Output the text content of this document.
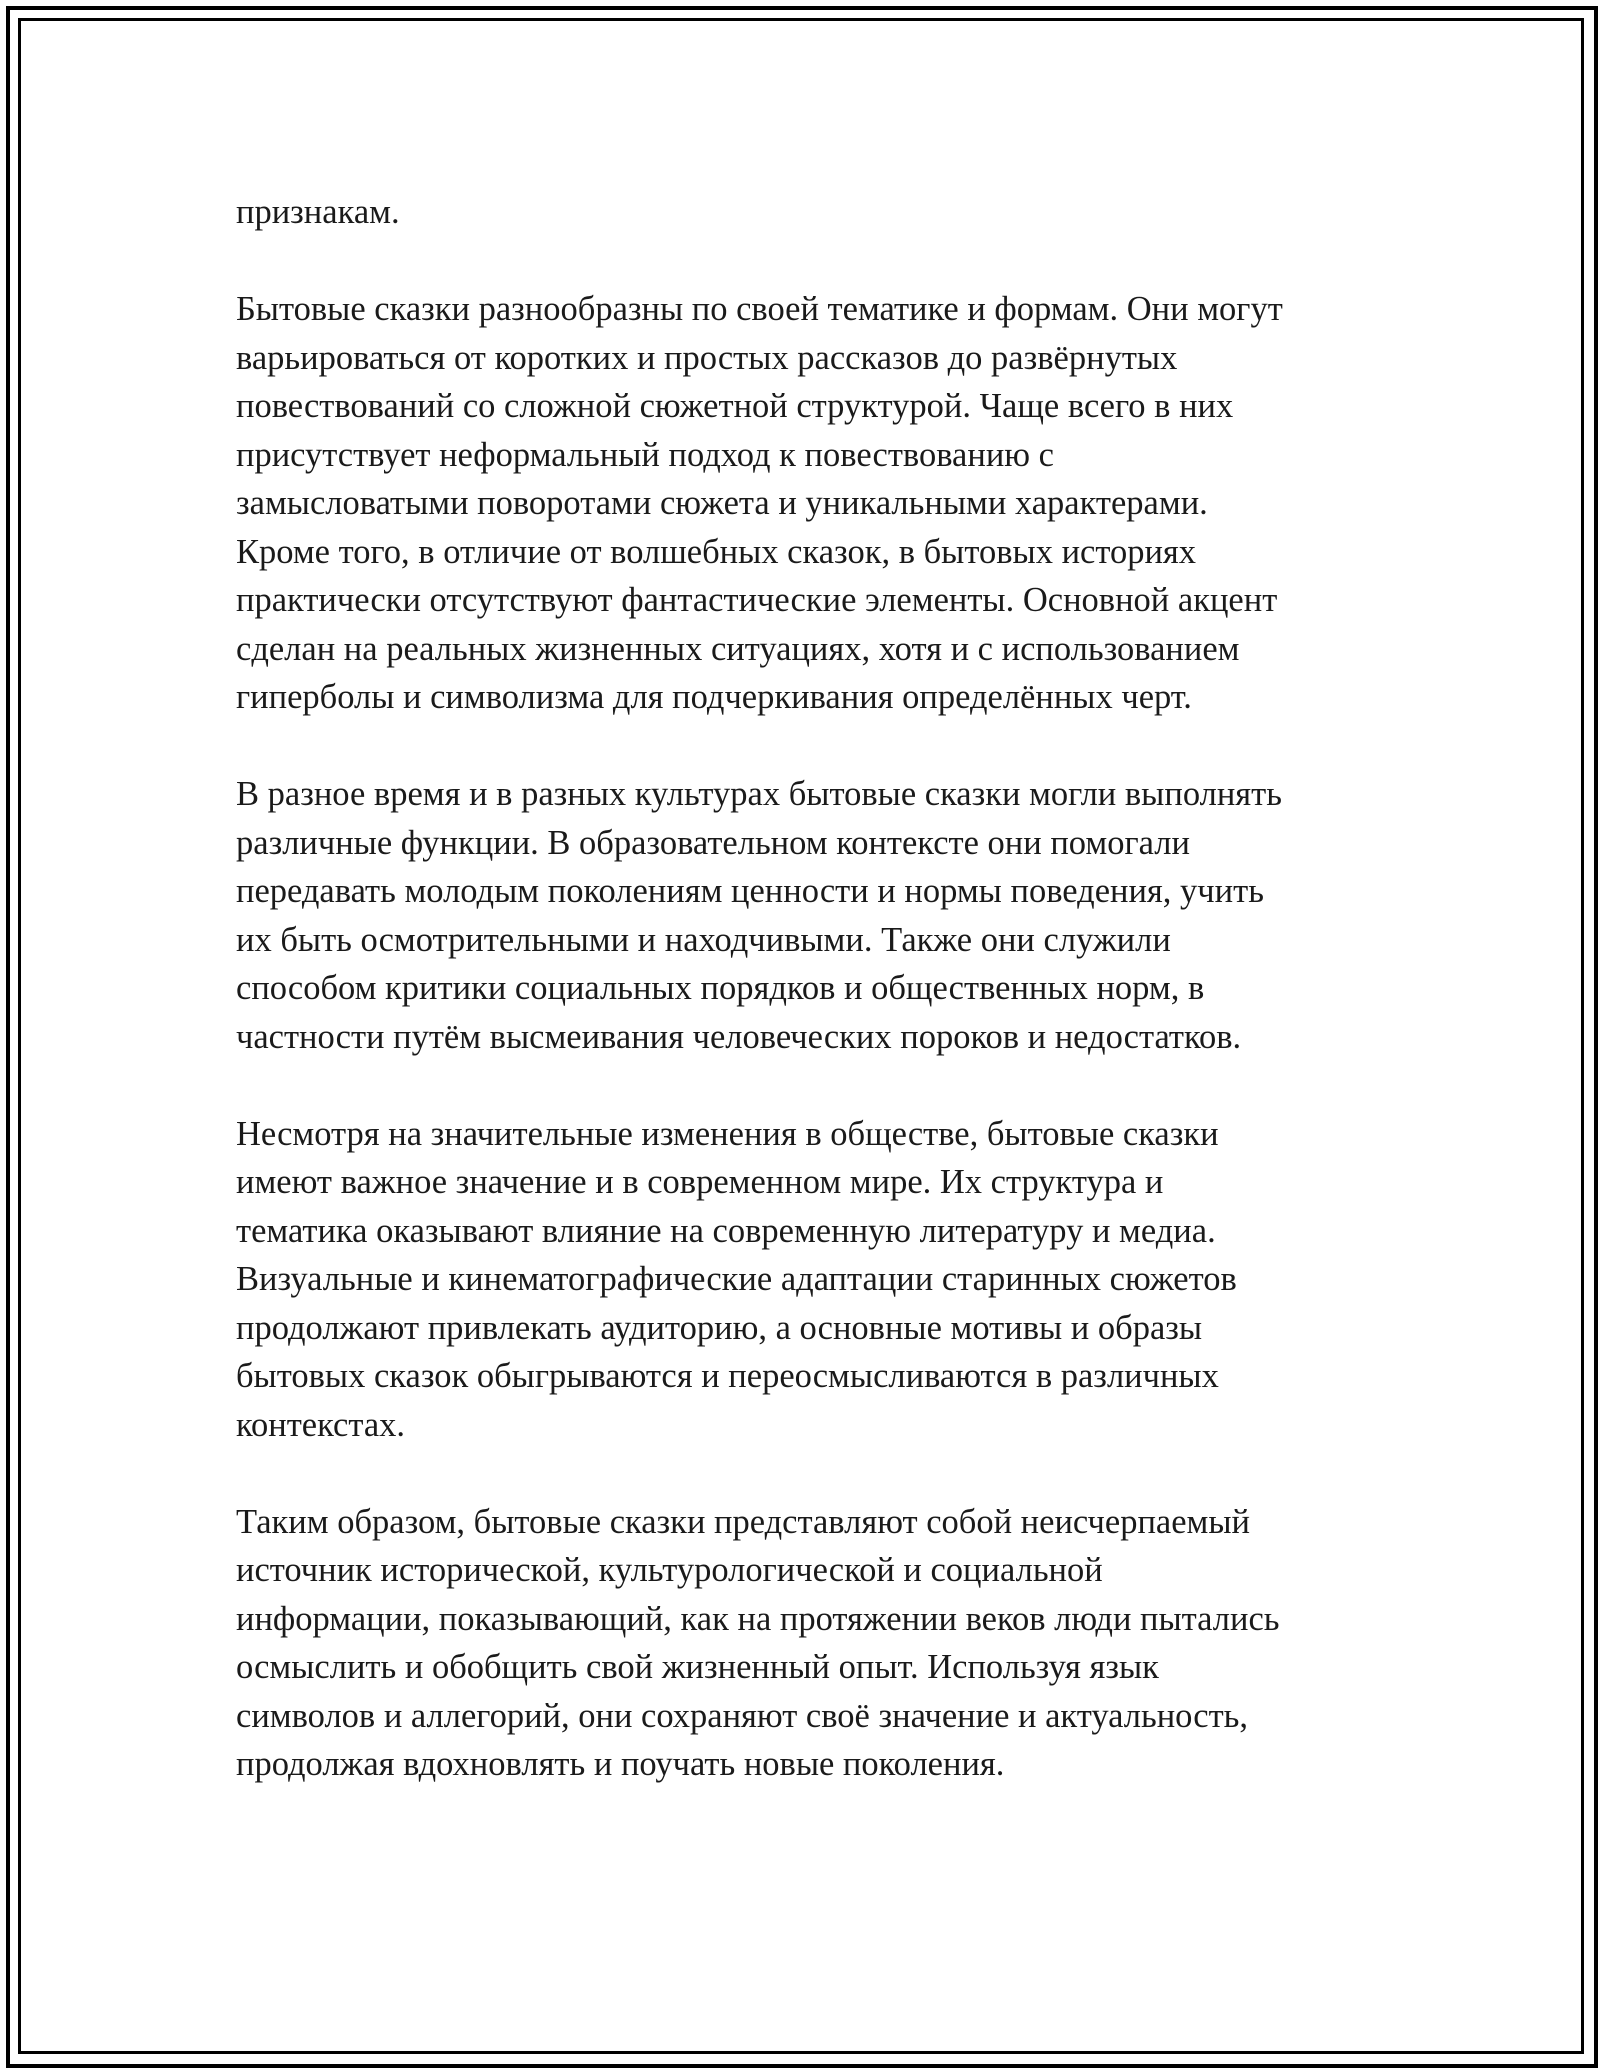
признакам.

Бытовые сказки разнообразны по своей тематике и формам. Они могут
варьироваться от коротких и простых рассказов до развёрнутых
повествований со сложной сюжетной структурой. Чаще всего в них
присутствует неформальный подход к повествованию с
замысловатыми поворотами сюжета и уникальными характерами.
Кроме того, в отличие от волшебных сказок, в бытовых историях
практически отсутствуют фантастические элементы. Основной акцент
сделан на реальных жизненных ситуациях, хотя и с использованием
гиперболы и символизма для подчеркивания определённых черт.

В разное время и в разных культурах бытовые сказки могли выполнять
различные функции. В образовательном контексте они помогали
передавать молодым поколениям ценности и нормы поведения, учить
их быть осмотрительными и находчивыми. Также они служили
способом критики социальных порядков и общественных норм, в
частности путём высмеивания человеческих пороков и недостатков.

Несмотря на значительные изменения в обществе, бытовые сказки
имеют важное значение и в современном мире. Их структура и
тематика оказывают влияние на современную литературу и медиа.
Визуальные и кинематографические адаптации старинных сюжетов
продолжают привлекать аудиторию, а основные мотивы и образы
бытовых сказок обыгрываются и переосмысливаются в различных
контекстах.

Таким образом, бытовые сказки представляют собой неисчерпаемый
источник исторической, культурологической и социальной
информации, показывающий, как на протяжении веков люди пытались
осмыслить и обобщить свой жизненный опыт. Используя язык
символов и аллегорий, они сохраняют своё значение и актуальность,
продолжая вдохновлять и поучать новые поколения.
